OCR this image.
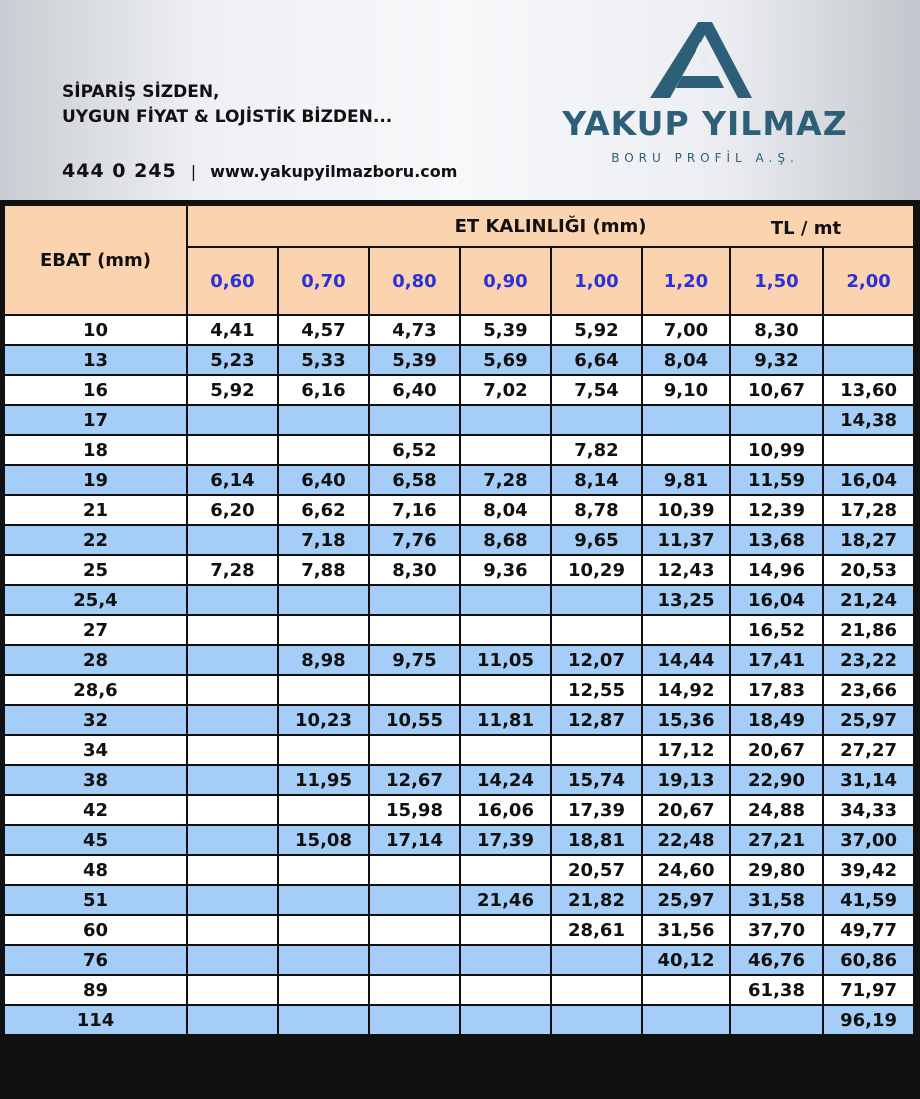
SİPARİŞ SİZDEN,
UYGUN FİYAT & LOJİSTİK BİZDEN...
444 0 245 | www.yakupyilmazboru.com
YAKUP YILMAZ
BORU PROFİL A.Ş.
EBAT (mm)	ET KALINLIĞI (mm) TL / mt							

	0,60	0,70	0,80	0,90	1,00	1,20	1,50	2,00
10	4,41	4,57	4,73	5,39	5,92	7,00	8,30	
13	5,23	5,33	5,39	5,69	6,64	8,04	9,32	
16	5,92	6,16	6,40	7,02	7,54	9,10	10,67	13,60
17								14,38
18			6,52		7,82		10,99	
19	6,14	6,40	6,58	7,28	8,14	9,81	11,59	16,04
21	6,20	6,62	7,16	8,04	8,78	10,39	12,39	17,28
22		7,18	7,76	8,68	9,65	11,37	13,68	18,27
25	7,28	7,88	8,30	9,36	10,29	12,43	14,96	20,53
25,4						13,25	16,04	21,24
27							16,52	21,86
28		8,98	9,75	11,05	12,07	14,44	17,41	23,22
28,6					12,55	14,92	17,83	23,66
32		10,23	10,55	11,81	12,87	15,36	18,49	25,97
34						17,12	20,67	27,27
38		11,95	12,67	14,24	15,74	19,13	22,90	31,14
42			15,98	16,06	17,39	20,67	24,88	34,33
45		15,08	17,14	17,39	18,81	22,48	27,21	37,00
48					20,57	24,60	29,80	39,42
51				21,46	21,82	25,97	31,58	41,59
60					28,61	31,56	37,70	49,77
76						40,12	46,76	60,86
89							61,38	71,97
114								96,19
